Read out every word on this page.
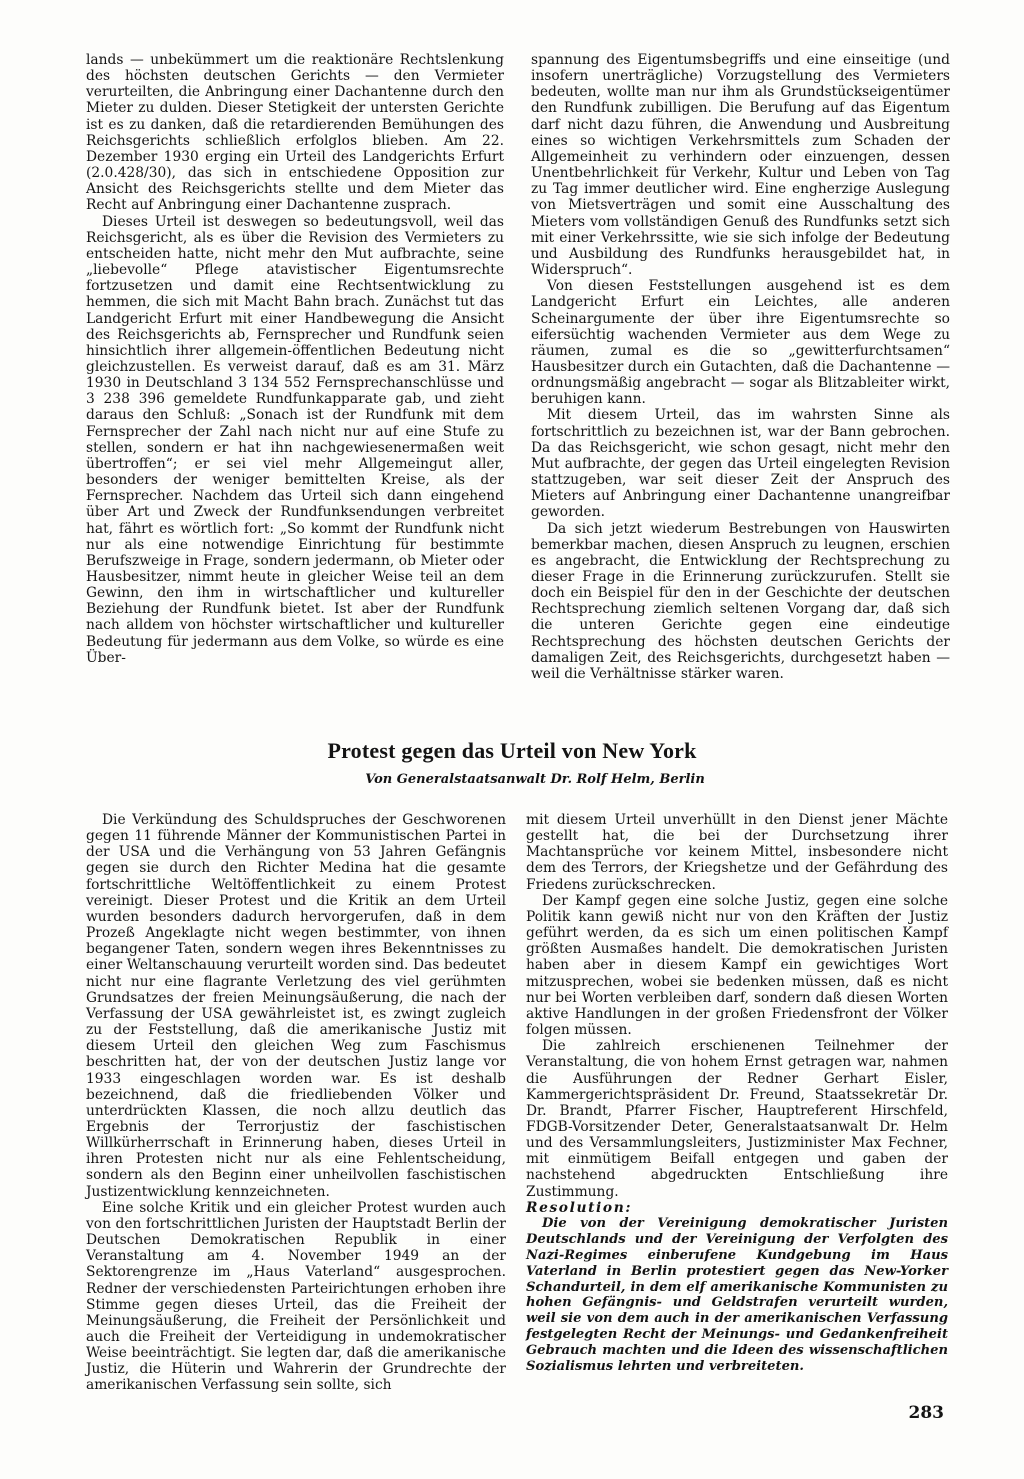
lands — unbekümmert um die reaktionäre Rechtslenkung des höchsten deutschen Gerichts — den Vermieter verurteilten, die Anbringung einer Dachantenne durch den Mieter zu dulden. Dieser Stetigkeit der untersten Gerichte ist es zu danken, daß die retardierenden Bemühungen des Reichsgerichts schließlich erfolglos blieben. Am 22. Dezember 1930 erging ein Urteil des Landgerichts Erfurt (2.0.428/30), das sich in entschiedene Opposition zur Ansicht des Reichsgerichts stellte und dem Mieter das Recht auf Anbringung einer Dachantenne zusprach.

Dieses Urteil ist deswegen so bedeutungsvoll, weil das Reichsgericht, als es über die Revision des Vermieters zu entscheiden hatte, nicht mehr den Mut aufbrachte, seine „liebevolle“ Pflege atavistischer Eigentumsrechte fortzusetzen und damit eine Rechtsentwicklung zu hemmen, die sich mit Macht Bahn brach. Zunächst tut das Landgericht Erfurt mit einer Handbewegung die Ansicht des Reichsgerichts ab, Fernsprecher und Rundfunk seien hinsichtlich ihrer allgemein-öffentlichen Bedeutung nicht gleichzustellen. Es verweist darauf, daß es am 31. März 1930 in Deutschland 3 134 552 Fernsprechanschlüsse und 3 238 396 gemeldete Rundfunkapparate gab, und zieht daraus den Schluß: „Sonach ist der Rundfunk mit dem Fernsprecher der Zahl nach nicht nur auf eine Stufe zu stellen, sondern er hat ihn nachgewiesenermaßen weit übertroffen“; er sei viel mehr Allgemeingut aller, besonders der weniger bemittelten Kreise, als der Fernsprecher. Nachdem das Urteil sich dann eingehend über Art und Zweck der Rundfunksendungen verbreitet hat, fährt es wörtlich fort: „So kommt der Rundfunk nicht nur als eine notwendige Einrichtung für bestimmte Berufszweige in Frage, sondern jedermann, ob Mieter oder Hausbesitzer, nimmt heute in gleicher Weise teil an dem Gewinn, den ihm in wirtschaftlicher und kultureller Beziehung der Rundfunk bietet. Ist aber der Rundfunk nach alldem von höchster wirtschaftlicher und kultureller Bedeutung für jedermann aus dem Volke, so würde es eine Über-

spannung des Eigentumsbegriffs und eine einseitige (und insofern unerträgliche) Vorzugstellung des Vermieters bedeuten, wollte man nur ihm als Grundstückseigentümer den Rundfunk zubilligen. Die Berufung auf das Eigentum darf nicht dazu führen, die Anwendung und Ausbreitung eines so wichtigen Verkehrsmittels zum Schaden der Allgemeinheit zu verhindern oder einzuengen, dessen Unentbehrlichkeit für Verkehr, Kultur und Leben von Tag zu Tag immer deutlicher wird. Eine engherzige Auslegung von Mietsverträgen und somit eine Ausschaltung des Mieters vom vollständigen Genuß des Rundfunks setzt sich mit einer Verkehrssitte, wie sie sich infolge der Bedeutung und Ausbildung des Rundfunks herausgebildet hat, in Widerspruch“.

Von diesen Feststellungen ausgehend ist es dem Landgericht Erfurt ein Leichtes, alle anderen Scheinargumente der über ihre Eigentumsrechte so eifersüchtig wachenden Vermieter aus dem Wege zu räumen, zumal es die so „gewitterfurchtsamen“ Hausbesitzer durch ein Gutachten, daß die Dachantenne — ordnungsmäßig angebracht — sogar als Blitzableiter wirkt, beruhigen kann.

Mit diesem Urteil, das im wahrsten Sinne als fortschrittlich zu bezeichnen ist, war der Bann gebrochen. Da das Reichsgericht, wie schon gesagt, nicht mehr den Mut aufbrachte, der gegen das Urteil eingelegten Revision stattzugeben, war seit dieser Zeit der Anspruch des Mieters auf Anbringung einer Dachantenne unangreifbar geworden.

Da sich jetzt wiederum Bestrebungen von Hauswirten bemerkbar machen, diesen Anspruch zu leugnen, erschien es angebracht, die Entwicklung der Rechtsprechung zu dieser Frage in die Erinnerung zurückzurufen. Stellt sie doch ein Beispiel für den in der Geschichte der deutschen Rechtsprechung ziemlich seltenen Vorgang dar, daß sich die unteren Gerichte gegen eine eindeutige Rechtsprechung des höchsten deutschen Gerichts der damaligen Zeit, des Reichsgerichts, durchgesetzt haben — weil die Verhältnisse stärker waren.

Protest gegen das Urteil von New York

Von Generalstaatsanwalt Dr. Rolf Helm, Berlin

Die Verkündung des Schuldspruches der Geschworenen gegen 11 führende Männer der Kommunistischen Partei in der USA und die Verhängung von 53 Jahren Gefängnis gegen sie durch den Richter Medina hat die gesamte fortschrittliche Weltöffentlichkeit zu einem Protest vereinigt. Dieser Protest und die Kritik an dem Urteil wurden besonders dadurch hervorgerufen, daß in dem Prozeß Angeklagte nicht wegen bestimmter, von ihnen begangener Taten, sondern wegen ihres Bekenntnisses zu einer Weltanschauung verurteilt worden sind. Das bedeutet nicht nur eine flagrante Verletzung des viel gerühmten Grundsatzes der freien Meinungsäußerung, die nach der Verfassung der USA gewährleistet ist, es zwingt zugleich zu der Feststellung, daß die amerikanische Justiz mit diesem Urteil den gleichen Weg zum Faschismus beschritten hat, der von der deutschen Justiz lange vor 1933 eingeschlagen worden war. Es ist deshalb bezeichnend, daß die friedliebenden Völker und unterdrückten Klassen, die noch allzu deutlich das Ergebnis der Terrorjustiz der faschistischen Willkürherrschaft in Erinnerung haben, dieses Urteil in ihren Protesten nicht nur als eine Fehlentscheidung, sondern als den Beginn einer unheilvollen faschistischen Justizentwicklung kennzeichneten.

Eine solche Kritik und ein gleicher Protest wurden auch von den fortschrittlichen Juristen der Hauptstadt Berlin der Deutschen Demokratischen Republik in einer Veranstaltung am 4. November 1949 an der Sektorengrenze im „Haus Vaterland“ ausgesprochen. Redner der verschiedensten Parteirichtungen erhoben ihre Stimme gegen dieses Urteil, das die Freiheit der Meinungsäußerung, die Freiheit der Persönlichkeit und auch die Freiheit der Verteidigung in undemokratischer Weise beeinträchtigt. Sie legten dar, daß die amerikanische Justiz, die Hüterin und Wahrerin der Grundrechte der amerikanischen Verfassung sein sollte, sich

mit diesem Urteil unverhüllt in den Dienst jener Mächte gestellt hat, die bei der Durchsetzung ihrer Machtansprüche vor keinem Mittel, insbesondere nicht dem des Terrors, der Kriegshetze und der Gefährdung des Friedens zurückschrecken.

Der Kampf gegen eine solche Justiz, gegen eine solche Politik kann gewiß nicht nur von den Kräften der Justiz geführt werden, da es sich um einen politischen Kampf größten Ausmaßes handelt. Die demokratischen Juristen haben aber in diesem Kampf ein gewichtiges Wort mitzusprechen, wobei sie bedenken müssen, daß es nicht nur bei Worten verbleiben darf, sondern daß diesen Worten aktive Handlungen in der großen Friedensfront der Völker folgen müssen.

Die zahlreich erschienenen Teilnehmer der Veranstaltung, die von hohem Ernst getragen war, nahmen die Ausführungen der Redner Gerhart Eisler, Kammergerichtspräsident Dr. Freund, Staatssekretär Dr. Dr. Brandt, Pfarrer Fischer, Hauptreferent Hirschfeld, FDGB-Vorsitzender Deter, Generalstaatsanwalt Dr. Helm und des Versammlungsleiters, Justizminister Max Fechner, mit einmütigem Beifall entgegen und gaben der nachstehend abgedruckten Entschließung ihre Zustimmung.

Resolution:

Die von der Vereinigung demokratischer Juristen Deutschlands und der Vereinigung der Verfolgten des Nazi-Regimes einberufene Kundgebung im Haus Vaterland in Berlin protestiert gegen das New-Yorker Schandurteil, in dem elf amerikanische Kommunisten zu hohen Gefängnis- und Geldstrafen verurteilt wurden, weil sie von dem auch in der amerikanischen Verfassung festgelegten Recht der Meinungs- und Gedankenfreiheit Gebrauch machten und die Ideen des wissenschaftlichen Sozialismus lehrten und verbreiteten.

283
